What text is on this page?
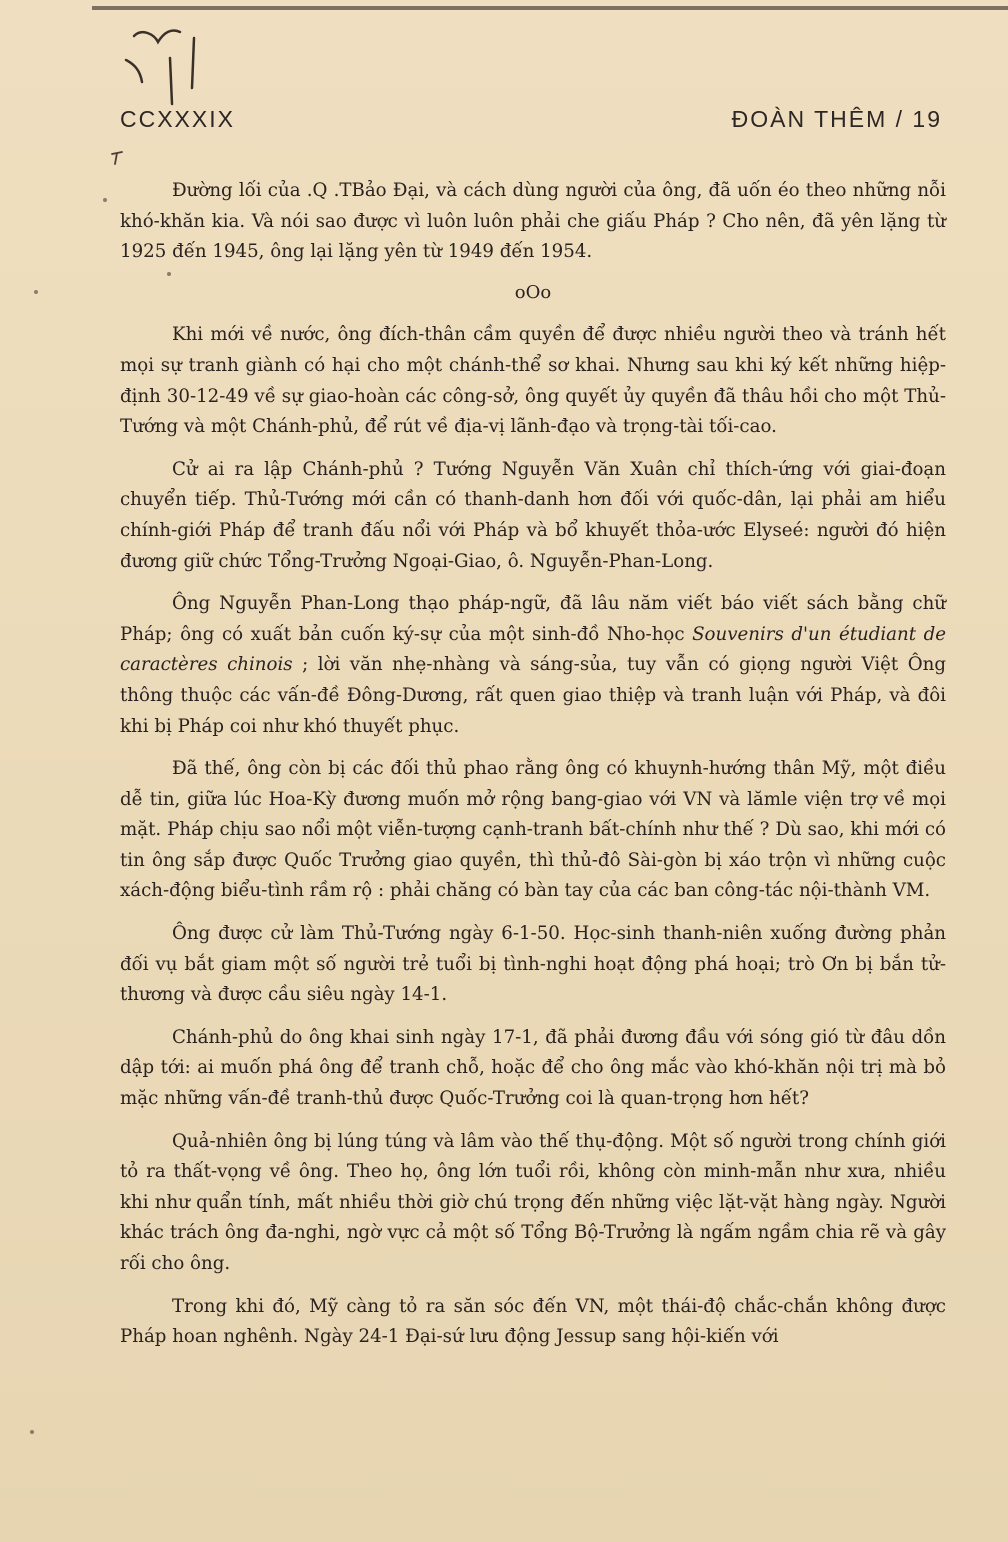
CCXXXIX	ĐOÀN THÊM / 19

Đường lối của .Q .TBảo Đại, và cách dùng người của ông, đã uốn éo theo những nỗi khó-khăn kia. Và nói sao được vì luôn luôn phải che giấu Pháp ? Cho nên, đã yên lặng từ 1925 đến 1945, ông lại lặng yên từ 1949 đến 1954.

oOo

Khi mới về nước, ông đích-thân cầm quyền để được nhiều người theo và tránh hết mọi sự tranh giành có hại cho một chánh-thể sơ khai. Nhưng sau khi ký kết những hiệp-định 30-12-49 về sự giao-hoàn các công-sở, ông quyết ủy quyền đã thâu hồi cho một Thủ-Tướng và một Chánh-phủ, để rút về địa-vị lãnh-đạo và trọng-tài tối-cao.

Cử ai ra lập Chánh-phủ ? Tướng Nguyễn Văn Xuân chỉ thích-ứng với giai-đoạn chuyển tiếp. Thủ-Tướng mới cần có thanh-danh hơn đối với quốc-dân, lại phải am hiểu chính-giới Pháp để tranh đấu nổi với Pháp và bổ khuyết thỏa-ước Elyseé: người đó hiện đương giữ chức Tổng-Trưởng Ngoại-Giao, ô. Nguyễn-Phan-Long.

Ông Nguyễn Phan-Long thạo pháp-ngữ, đã lâu năm viết báo viết sách bằng chữ Pháp; ông có xuất bản cuốn ký-sự của một sinh-đồ Nho-học Souvenirs d'un étudiant de caractères chinois ; lời văn nhẹ-nhàng và sáng-sủa, tuy vẫn có giọng người Việt Ông thông thuộc các vấn-đề Đông-Dương, rất quen giao thiệp và tranh luận với Pháp, và đôi khi bị Pháp coi như khó thuyết phục.

Đã thế, ông còn bị các đối thủ phao rằng ông có khuynh-hướng thân Mỹ, một điều dễ tin, giữa lúc Hoa-Kỳ đương muốn mở rộng bang-giao với VN và lămle viện trợ về mọi mặt. Pháp chịu sao nổi một viễn-tượng cạnh-tranh bất-chính như thế ? Dù sao, khi mới có tin ông sắp được Quốc Trưởng giao quyền, thì thủ-đô Sài-gòn bị xáo trộn vì những cuộc xách-động biểu-tình rầm rộ : phải chăng có bàn tay của các ban công-tác nội-thành VM.

Ông được cử làm Thủ-Tướng ngày 6-1-50. Học-sinh thanh-niên xuống đường phản đối vụ bắt giam một số người trẻ tuổi bị tình-nghi hoạt động phá hoại; trò Ơn bị bắn tử-thương và được cầu siêu ngày 14-1.

Chánh-phủ do ông khai sinh ngày 17-1, đã phải đương đầu với sóng gió từ đâu dồn dập tới: ai muốn phá ông để tranh chỗ, hoặc để cho ông mắc vào khó-khăn nội trị mà bỏ mặc những vấn-đề tranh-thủ được Quốc-Trưởng coi là quan-trọng hơn hết?

Quả-nhiên ông bị lúng túng và lâm vào thế thụ-động. Một số người trong chính giới tỏ ra thất-vọng về ông. Theo họ, ông lớn tuổi rồi, không còn minh-mẫn như xưa, nhiều khi như quẩn tính, mất nhiều thời giờ chú trọng đến những việc lặt-vặt hàng ngày. Người khác trách ông đa-nghi, ngờ vực cả một số Tổng Bộ-Trưởng là ngấm ngầm chia rẽ và gây rối cho ông.

Trong khi đó, Mỹ càng tỏ ra săn sóc đến VN, một thái-độ chắc-chắn không được Pháp hoan nghênh. Ngày 24-1 Đại-sứ lưu động Jessup sang hội-kiến với
